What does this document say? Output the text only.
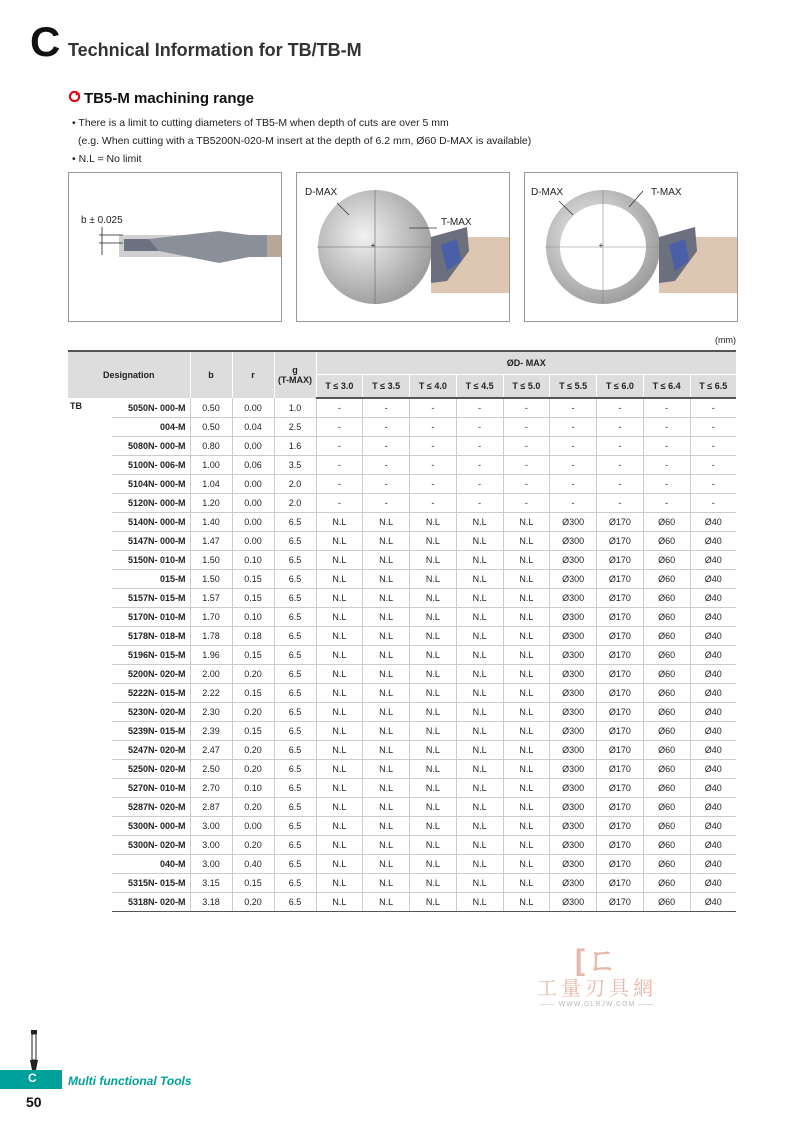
C Technical Information for TB/TB-M
TB5-M machining range
• There is a limit to cutting diameters of TB5-M when depth of cuts are over 5 mm
(e.g. When cutting with a TB5200N-020-M insert at the depth of 6.2 mm, Ø60 D-MAX is available)
• N.L = No limit
b ± 0.025
+
D-MAX
T-MAX
+
D-MAX	T-MAX
(mm)
Designation		b	r	g
(T-MAX)	ØD- MAX								
					T ≤ 3.0	T ≤ 3.5	T ≤ 4.0	T ≤ 4.5	T ≤ 5.0	T ≤ 5.5	T ≤ 6.0	T ≤ 6.4	T ≤ 6.5
TB	5050N- 000-M	0.50	0.00	1.0	-	-	-	-	-	-	-	-	-
	004-M	0.50	0.04	2.5	-	-	-	-	-	-	-	-	-
	5080N- 000-M	0.80	0.00	1.6	-	-	-	-	-	-	-	-	-
	5100N- 006-M	1.00	0.06	3.5	-	-	-	-	-	-	-	-	-
	5104N- 000-M	1.04	0.00	2.0	-	-	-	-	-	-	-	-	-
	5120N- 000-M	1.20	0.00	2.0	-	-	-	-	-	-	-	-	-
	5140N- 000-M	1.40	0.00	6.5	N.L	N.L	N.L	N.L	N.L	Ø300	Ø170	Ø60	Ø40
	5147N- 000-M	1.47	0.00	6.5	N.L	N.L	N.L	N.L	N.L	Ø300	Ø170	Ø60	Ø40
	5150N- 010-M	1.50	0.10	6.5	N.L	N.L	N.L	N.L	N.L	Ø300	Ø170	Ø60	Ø40
	015-M	1.50	0.15	6.5	N.L	N.L	N.L	N.L	N.L	Ø300	Ø170	Ø60	Ø40
	5157N- 015-M	1.57	0.15	6.5	N.L	N.L	N.L	N.L	N.L	Ø300	Ø170	Ø60	Ø40
	5170N- 010-M	1.70	0.10	6.5	N.L	N.L	N.L	N.L	N.L	Ø300	Ø170	Ø60	Ø40
	5178N- 018-M	1.78	0.18	6.5	N.L	N.L	N.L	N.L	N.L	Ø300	Ø170	Ø60	Ø40
	5196N- 015-M	1.96	0.15	6.5	N.L	N.L	N.L	N.L	N.L	Ø300	Ø170	Ø60	Ø40
	5200N- 020-M	2.00	0.20	6.5	N.L	N.L	N.L	N.L	N.L	Ø300	Ø170	Ø60	Ø40
	5222N- 015-M	2.22	0.15	6.5	N.L	N.L	N.L	N.L	N.L	Ø300	Ø170	Ø60	Ø40
	5230N- 020-M	2.30	0.20	6.5	N.L	N.L	N.L	N.L	N.L	Ø300	Ø170	Ø60	Ø40
	5239N- 015-M	2.39	0.15	6.5	N.L	N.L	N.L	N.L	N.L	Ø300	Ø170	Ø60	Ø40
	5247N- 020-M	2.47	0.20	6.5	N.L	N.L	N.L	N.L	N.L	Ø300	Ø170	Ø60	Ø40
	5250N- 020-M	2.50	0.20	6.5	N.L	N.L	N.L	N.L	N.L	Ø300	Ø170	Ø60	Ø40
	5270N- 010-M	2.70	0.10	6.5	N.L	N.L	N.L	N.L	N.L	Ø300	Ø170	Ø60	Ø40
	5287N- 020-M	2.87	0.20	6.5	N.L	N.L	N.L	N.L	N.L	Ø300	Ø170	Ø60	Ø40
	5300N- 000-M	3.00	0.00	6.5	N.L	N.L	N.L	N.L	N.L	Ø300	Ø170	Ø60	Ø40
	5300N- 020-M	3.00	0.20	6.5	N.L	N.L	N.L	N.L	N.L	Ø300	Ø170	Ø60	Ø40
	040-M	3.00	0.40	6.5	N.L	N.L	N.L	N.L	N.L	Ø300	Ø170	Ø60	Ø40
	5315N- 015-M	3.15	0.15	6.5	N.L	N.L	N.L	N.L	N.L	Ø300	Ø170	Ø60	Ø40
	5318N- 020-M	3.18	0.20	6.5	N.L	N.L	N.L	N.L	N.L	Ø300	Ø170	Ø60	Ø40
[ㄈ
工量刃具網
—— WWW.GLRJW.COM ——
C	Multi functional Tools
50
